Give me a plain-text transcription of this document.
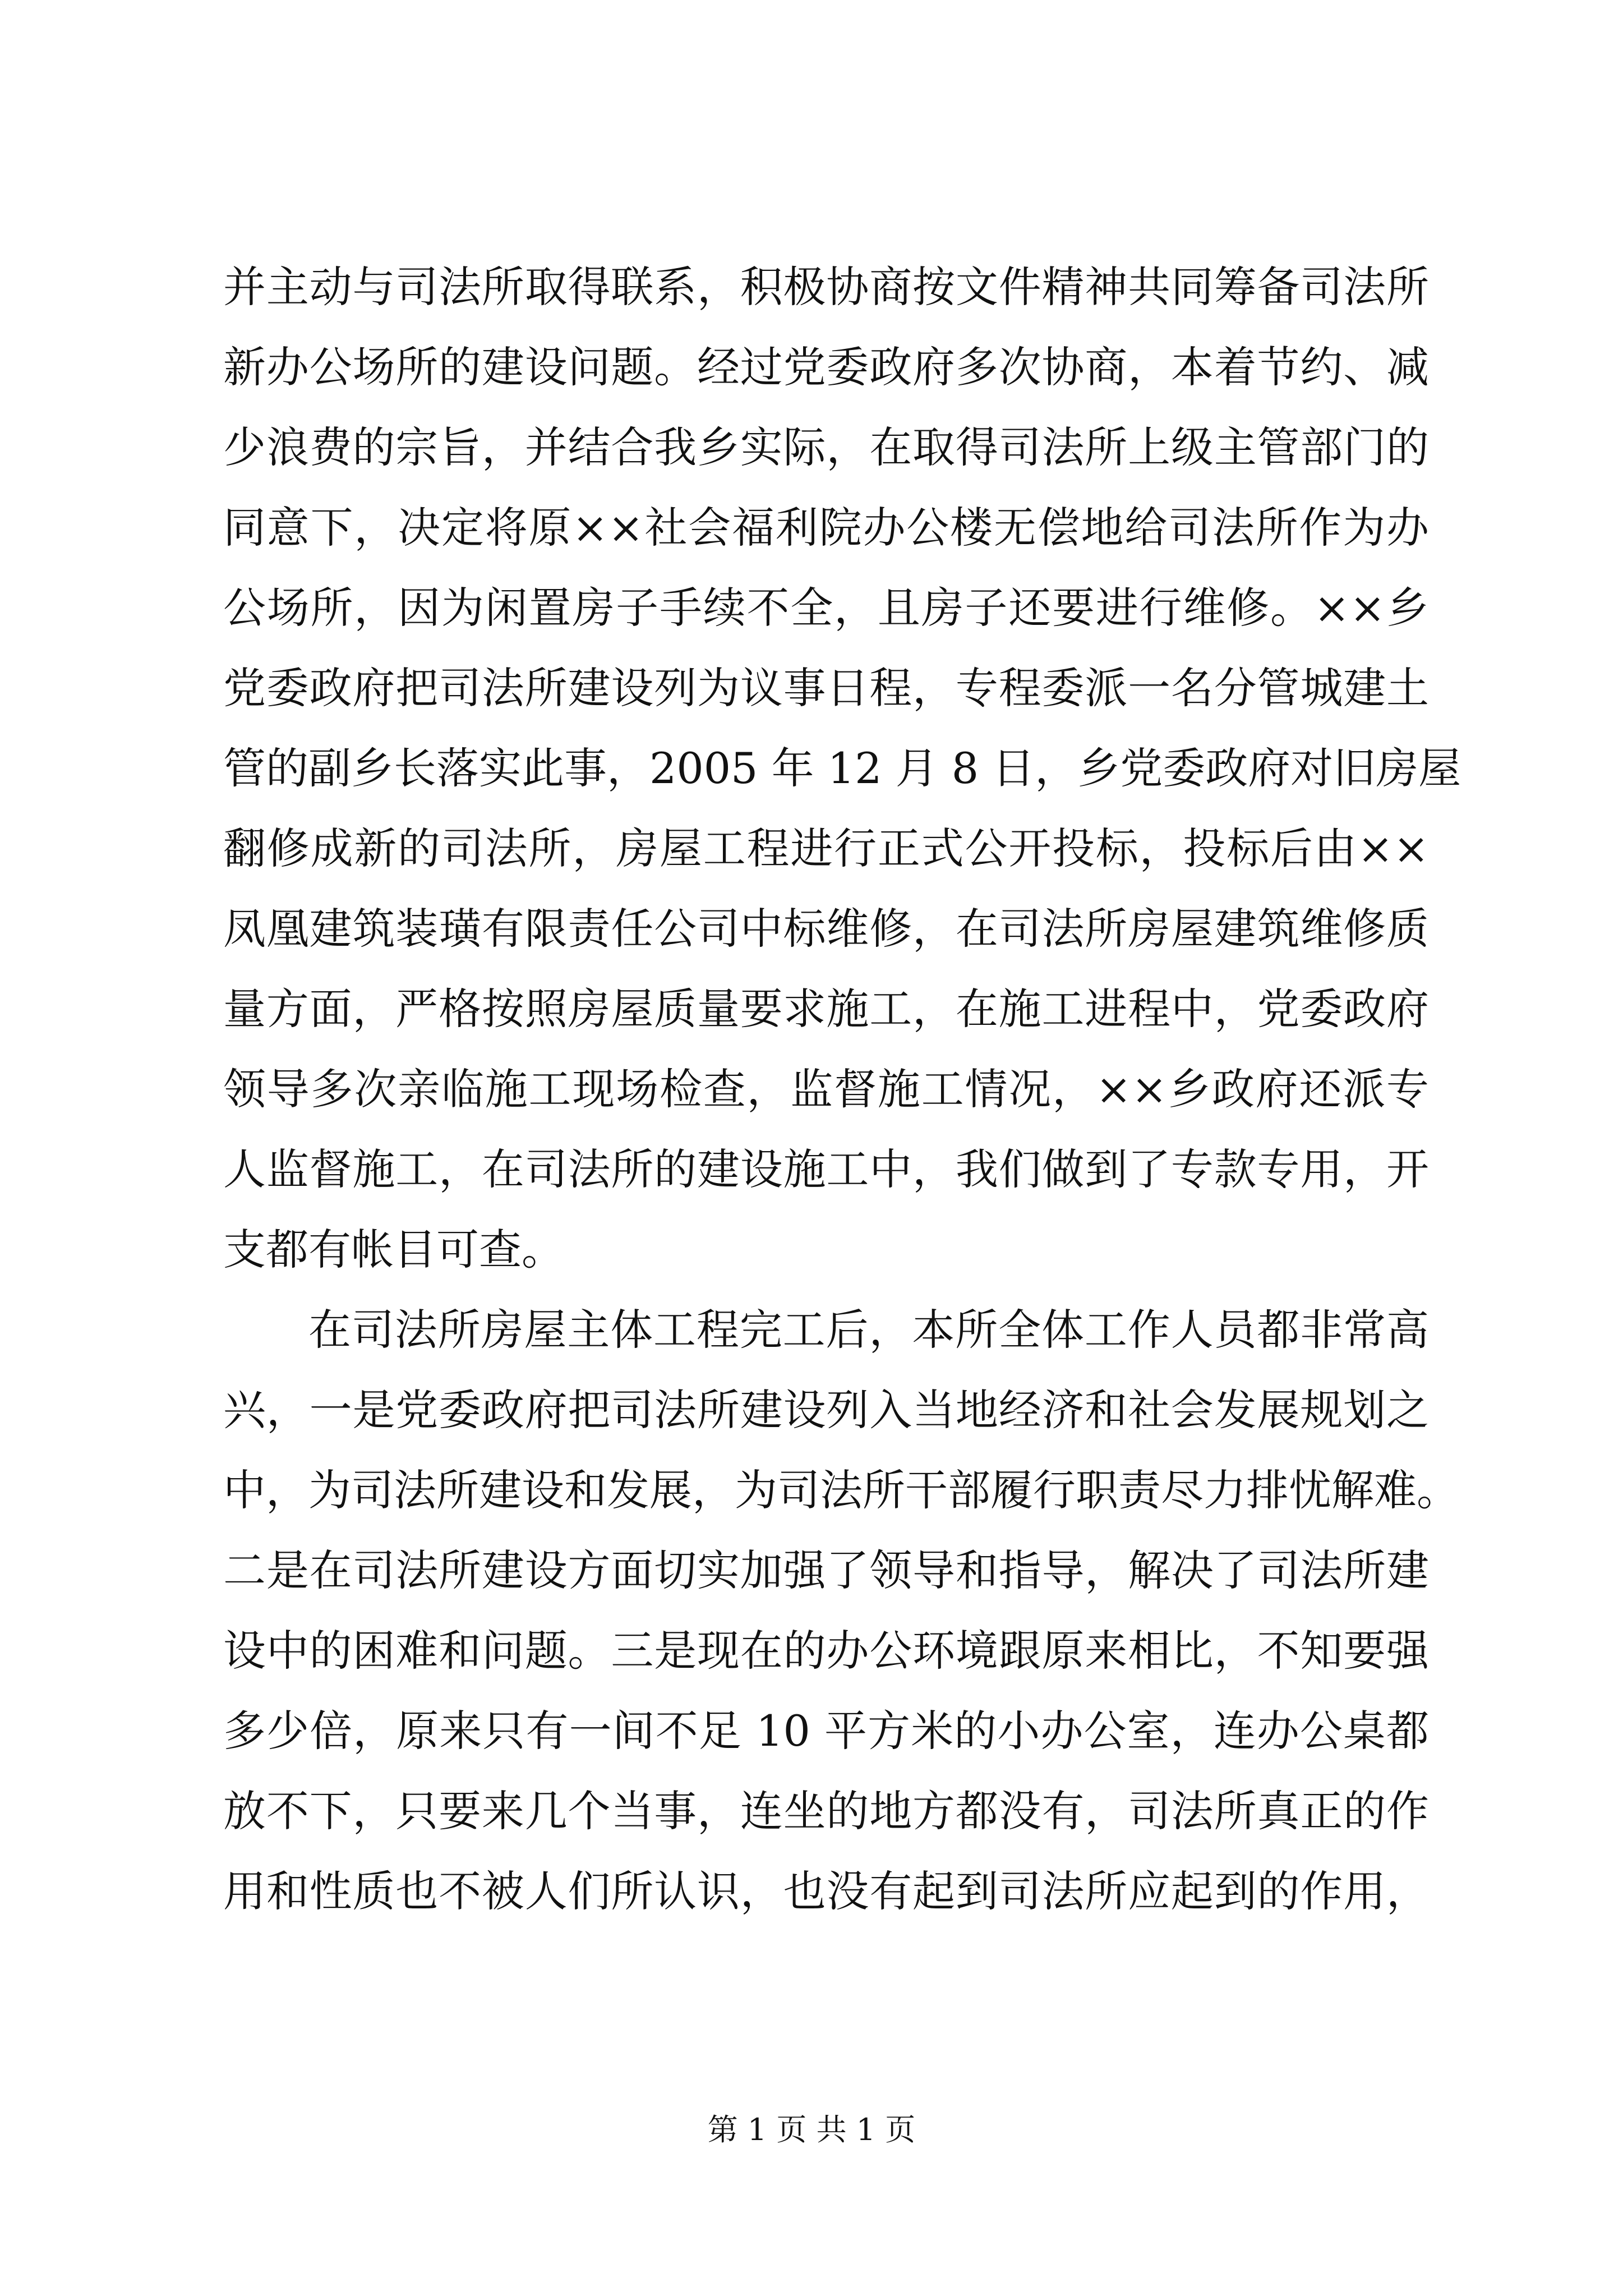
并主动与司法所取得联系，积极协商按文件精神共同筹备司法所
新办公场所的建设问题。经过党委政府多次协商，本着节约、减
少浪费的宗旨，并结合我乡实际，在取得司法所上级主管部门的
同意下，决定将原××社会福利院办公楼无偿地给司法所作为办
公场所，因为闲置房子手续不全，且房子还要进行维修。××乡
党委政府把司法所建设列为议事日程，专程委派一名分管城建土
管的副乡长落实此事，2005 年 12 月 8 日，乡党委政府对旧房屋
翻修成新的司法所，房屋工程进行正式公开投标，投标后由××
凤凰建筑装璜有限责任公司中标维修，在司法所房屋建筑维修质
量方面，严格按照房屋质量要求施工，在施工进程中，党委政府
领导多次亲临施工现场检查，监督施工情况，××乡政府还派专
人监督施工，在司法所的建设施工中，我们做到了专款专用，开
支都有帐目可查。
在司法所房屋主体工程完工后，本所全体工作人员都非常高
兴，一是党委政府把司法所建设列入当地经济和社会发展规划之
中，为司法所建设和发展，为司法所干部履行职责尽力排忧解难。
二是在司法所建设方面切实加强了领导和指导，解决了司法所建
设中的困难和问题。三是现在的办公环境跟原来相比，不知要强
多少倍，原来只有一间不足 10 平方米的小办公室，连办公桌都
放不下，只要来几个当事，连坐的地方都没有，司法所真正的作
用和性质也不被人们所认识，也没有起到司法所应起到的作用，
第 1 页 共 1 页
